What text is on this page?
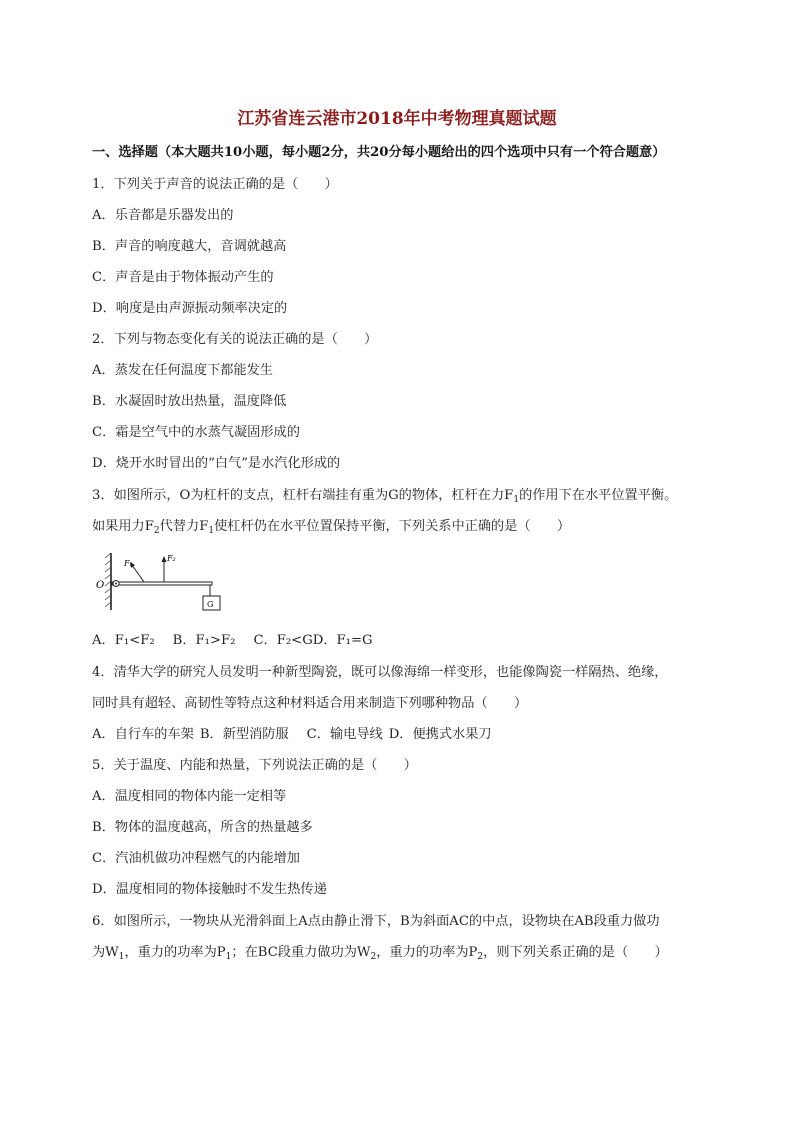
江苏省连云港市2018年中考物理真题试题
一、选择题（本大题共10小题，每小题2分，共20分每小题给出的四个选项中只有一个符合题意）
1．下列关于声音的说法正确的是（　　）
A．乐音都是乐器发出的
B．声音的响度越大，音调就越高
C．声音是由于物体振动产生的
D．响度是由声源振动频率决定的
2．下列与物态变化有关的说法正确的是（　　）
A．蒸发在任何温度下都能发生
B．水凝固时放出热量，温度降低
C．霜是空气中的水蒸气凝固形成的
D．烧开水时冒出的“白气”是水汽化形成的
3．如图所示，O为杠杆的支点，杠杆右端挂有重为G的物体，杠杆在力$F_1$的作用下在水平位置平衡。
如果用力$F_2$代替力$F_1$使杠杆仍在水平位置保持平衡，下列关系中正确的是（　　）
O
F₁
F₂
G
A．F₁<F₂ B．F₁>F₂ C．F₂<GD．F₁=G
4．清华大学的研究人员发明一种新型陶瓷，既可以像海绵一样变形，也能像陶瓷一样隔热、绝缘，
同时具有超轻、高韧性等特点这种材料适合用来制造下列哪种物品（　　）
A．自行车的车架 B．新型消防服 C．输电导线 D．便携式水果刀
5．关于温度、内能和热量，下列说法正确的是（　　）
A．温度相同的物体内能一定相等
B．物体的温度越高，所含的热量越多
C．汽油机做功冲程燃气的内能增加
D．温度相同的物体接触时不发生热传递
6．如图所示，一物块从光滑斜面上A点由静止滑下，B为斜面AC的中点，设物块在AB段重力做功
为$W_1$，重力的功率为$P_1$；在BC段重力做功为$W_2$，重力的功率为$P_2$，则下列关系正确的是（　　）
